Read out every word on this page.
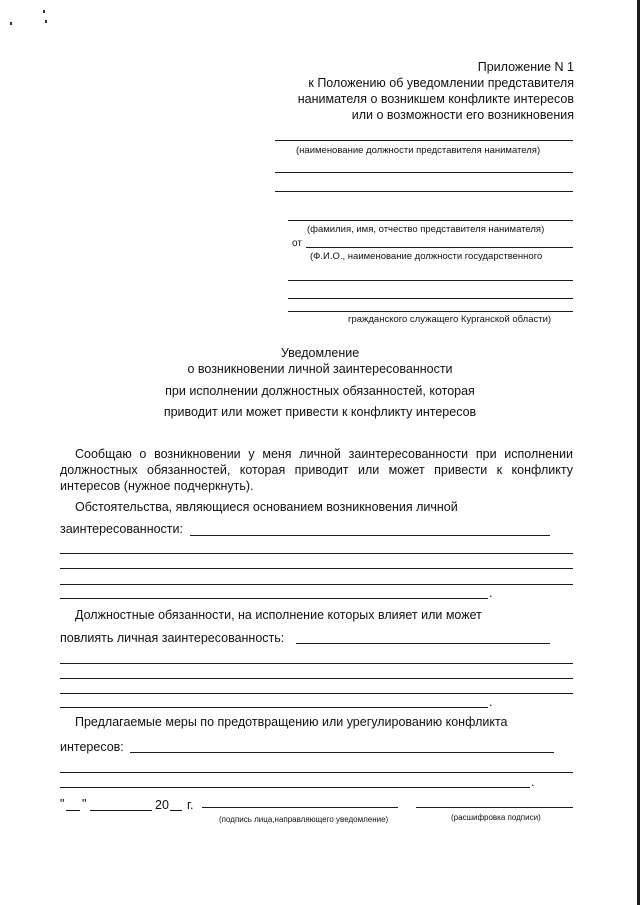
Приложение N 1
к Положению об уведомлении представителя
нанимателя о возникшем конфликте интересов
или о возможности его возникновения
(наименование должности представителя нанимателя)
(фамилия, имя, отчество представителя нанимателя)
от
(Ф.И.О., наименование должности государственного
гражданского служащего Курганской области)
Уведомление
о возникновении личной заинтересованности
при исполнении должностных обязанностей, которая
приводит или может привести к конфликту интересов
Сообщаю о возникновении у меня личной заинтересованности при исполнении
должностных обязанностей, которая приводит или может привести к конфликту
интересов (нужное подчеркнуть).
Обстоятельства, являющиеся основанием возникновения личной
заинтересованности:
.
Должностные обязанности, на исполнение которых влияет или может
повлиять личная заинтересованность:
.
Предлагаемые меры по предотвращению или урегулированию конфликта
интересов:
.
" "	20 г.
(подпись лица,направляющего уведомление)	(расшифровка подписи)
